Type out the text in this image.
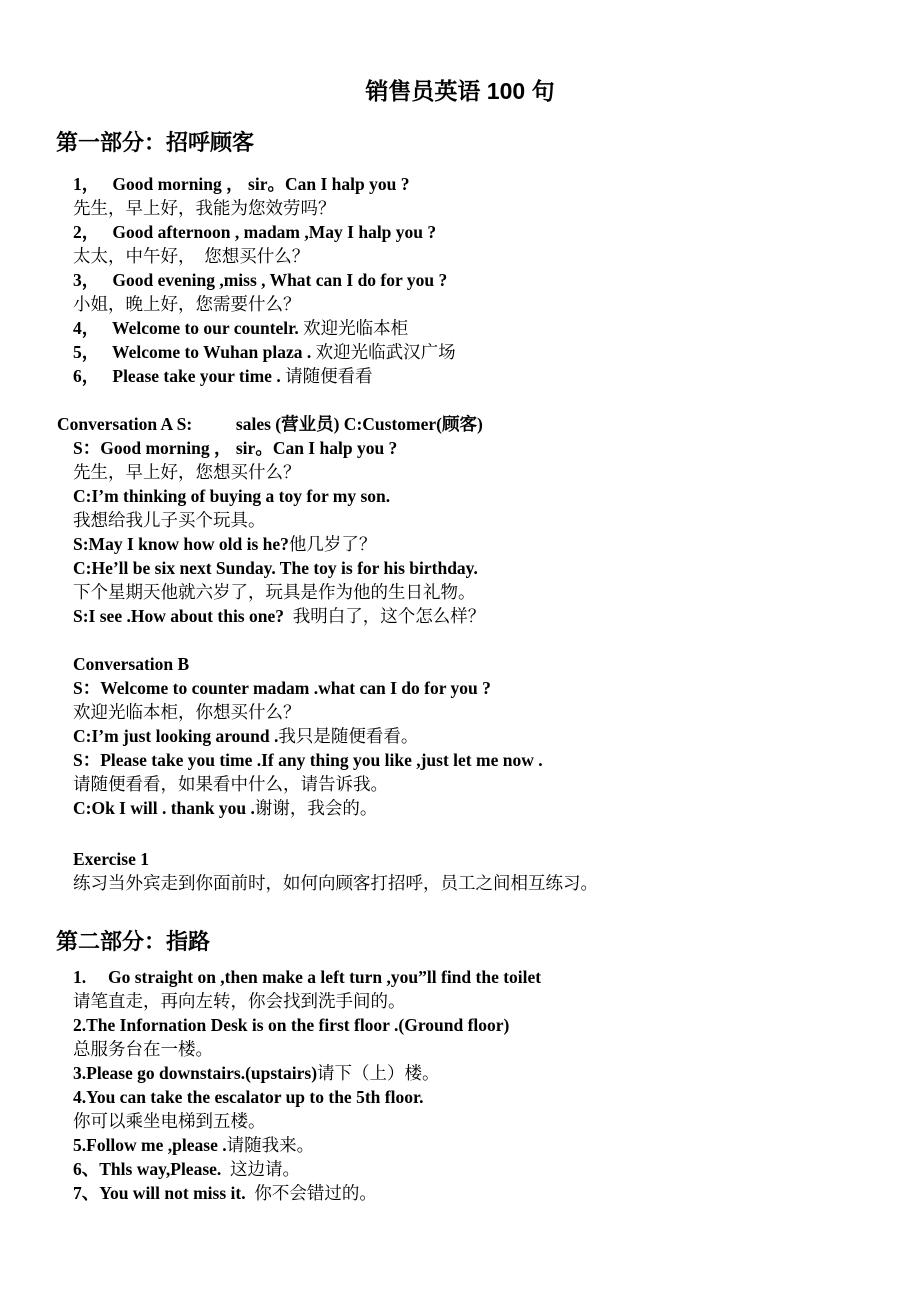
销售员英语 100 句
第一部分：招呼顾客

1，   Good morning ， sir。Can I halp you ?

先生，早上好，我能为您效劳吗？

2，   Good afternoon , madam ,May I halp you ?

太太，中午好，  您想买什么？

3，   Good evening ,miss , What can I do for you ?

小姐，晚上好，您需要什么？

4，   Welcome to our countelr. 欢迎光临本柜

5，   Welcome to Wuhan plaza . 欢迎光临武汉广场

6，   Please take your time . 请随便看看

Conversation A S:          sales (营业员) C:Customer(顾客)

S：Good morning ， sir。Can I halp you ?

先生，早上好，您想买什么？

C:I’m thinking of buying a toy for my son.

我想给我儿子买个玩具。

S:May I know how old is he?他几岁了？

C:He’ll be six next Sunday. The toy is for his birthday.

下个星期天他就六岁了，玩具是作为他的生日礼物。

S:I see .How about this one?  我明白了，这个怎么样？

Conversation B

S：Welcome to counter madam .what can I do for you ?

欢迎光临本柜，你想买什么？

C:I’m just looking around .我只是随便看看。

S：Please take you time .If any thing you like ,just let me now .

请随便看看，如果看中什么，请告诉我。

C:Ok I will . thank you .谢谢，我会的。

Exercise 1

练习当外宾走到你面前时，如何向顾客打招呼，员工之间相互练习。

第二部分：指路

1.     Go straight on ,then make a left turn ,you”ll find the toilet

请笔直走，再向左转，你会找到洗手间的。

2.The Infornation Desk is on the first floor .(Ground floor)

总服务台在一楼。

3.Please go downstairs.(upstairs)请下（上）楼。

4.You can take the escalator up to the 5th floor.

你可以乘坐电梯到五楼。

5.Follow me ,please .请随我来。

6、Thls way,Please.  这边请。

7、You will not miss it.  你不会错过的。
